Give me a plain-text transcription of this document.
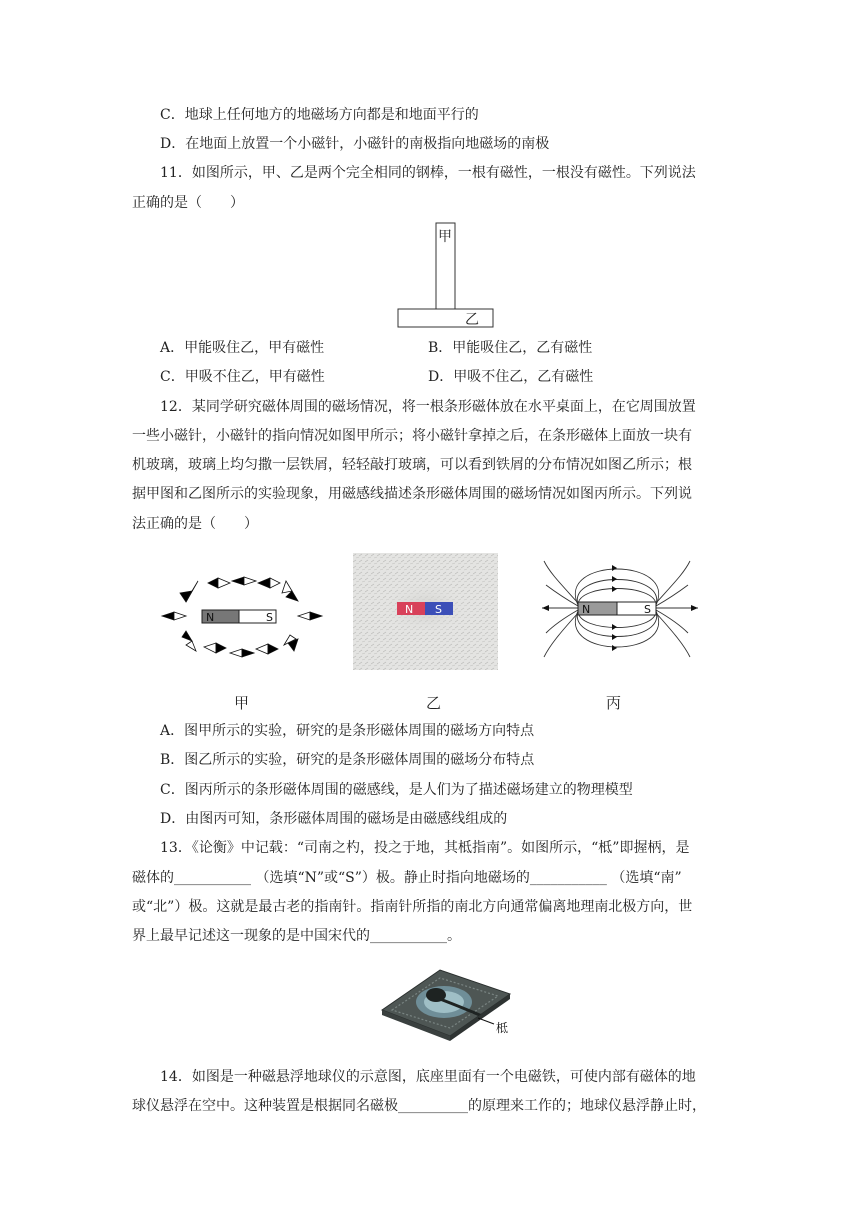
C．地球上任何地方的地磁场方向都是和地面平行的
D．在地面上放置一个小磁针，小磁针的南极指向地磁场的南极
11．如图所示，甲、乙是两个完全相同的钢棒，一根有磁性，一根没有磁性。下列说法
正确的是（　　）
甲
乙
A．甲能吸住乙，甲有磁性	B．甲能吸住乙，乙有磁性
C．甲吸不住乙，甲有磁性	D．甲吸不住乙，乙有磁性
12．某同学研究磁体周围的磁场情况，将一根条形磁体放在水平桌面上，在它周围放置
一些小磁针，小磁针的指向情况如图甲所示；将小磁针拿掉之后，在条形磁体上面放一块有
机玻璃，玻璃上均匀撒一层铁屑，轻轻敲打玻璃，可以看到铁屑的分布情况如图乙所示；根
据甲图和乙图所示的实验现象，用磁感线描述条形磁体周围的磁场情况如图丙所示。下列说
法正确的是（　　）
N	S
N S	N	S
甲	乙	丙
A．图甲所示的实验，研究的是条形磁体周围的磁场方向特点
B．图乙所示的实验，研究的是条形磁体周围的磁场分布特点
C．图丙所示的条形磁体周围的磁感线，是人们为了描述磁场建立的物理模型
D．由图丙可知，条形磁体周围的磁场是由磁感线组成的
13．《论衡》中记载：“司南之杓，投之于地，其柢指南”。如图所示，“柢”即握柄，是
磁体的___________ （选填“N”或“S”）极。静止时指向地磁场的___________ （选填“南”
或“北”）极。这就是最古老的指南针。指南针所指的南北方向通常偏离地理南北极方向，世
界上最早记述这一现象的是中国宋代的___________。
柢
14．如图是一种磁悬浮地球仪的示意图，底座里面有一个电磁铁，可使内部有磁体的地
球仪悬浮在空中。这种装置是根据同名磁极__________的原理来工作的；地球仪悬浮静止时，
